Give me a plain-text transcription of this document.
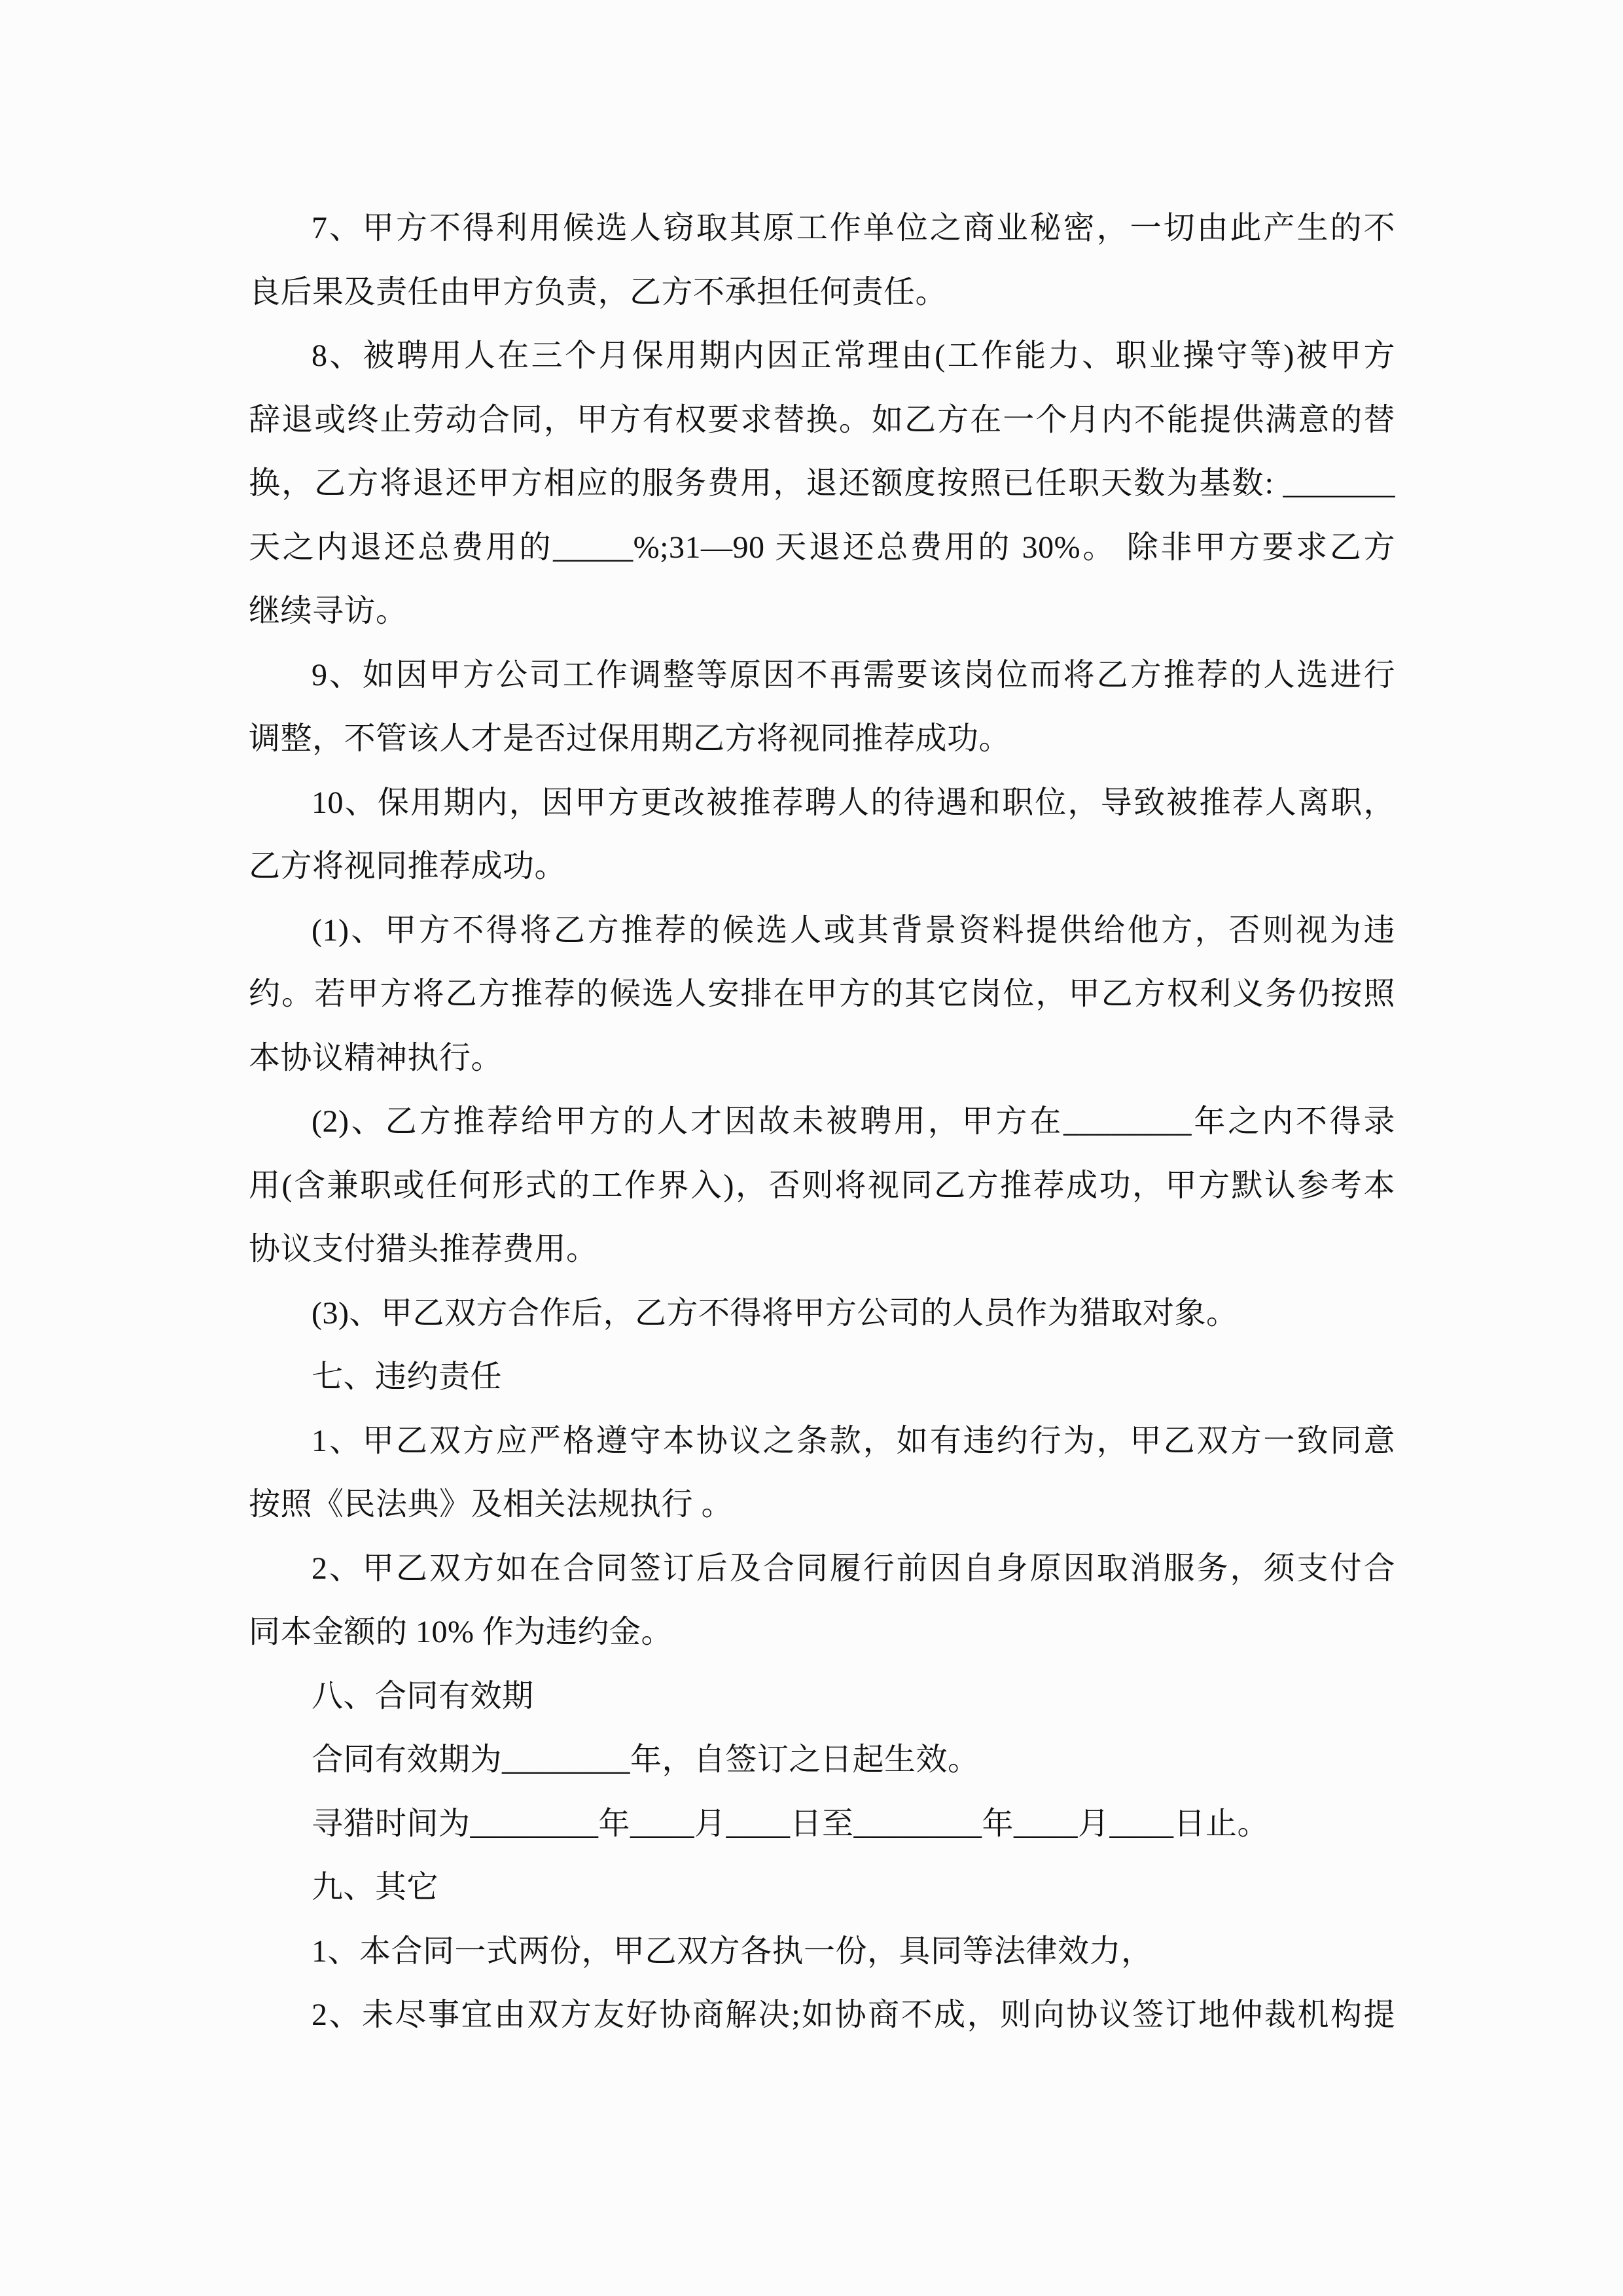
7、甲方不得利用候选人窃取其原工作单位之商业秘密，一切由此产生的不
良后果及责任由甲方负责，乙方不承担任何责任。
8、被聘用人在三个月保用期内因正常理由(工作能力、职业操守等)被甲方
辞退或终止劳动合同，甲方有权要求替换。如乙方在一个月内不能提供满意的替
换，乙方将退还甲方相应的服务费用，退还额度按照已任职天数为基数: _______
天之内退还总费用的_____%;31—90 天退还总费用的 30%。 除非甲方要求乙方
继续寻访。
9、如因甲方公司工作调整等原因不再需要该岗位而将乙方推荐的人选进行
调整，不管该人才是否过保用期乙方将视同推荐成功。
10、保用期内，因甲方更改被推荐聘人的待遇和职位，导致被推荐人离职，
乙方将视同推荐成功。
(1)、甲方不得将乙方推荐的候选人或其背景资料提供给他方，否则视为违
约。若甲方将乙方推荐的候选人安排在甲方的其它岗位，甲乙方权利义务仍按照
本协议精神执行。
(2)、乙方推荐给甲方的人才因故未被聘用，甲方在________年之内不得录
用(含兼职或任何形式的工作界入)，否则将视同乙方推荐成功，甲方默认参考本
协议支付猎头推荐费用。
(3)、甲乙双方合作后，乙方不得将甲方公司的人员作为猎取对象。
七、违约责任
1、甲乙双方应严格遵守本协议之条款，如有违约行为，甲乙双方一致同意
按照《民法典》及相关法规执行 。
2、甲乙双方如在合同签订后及合同履行前因自身原因取消服务，须支付合
同本金额的 10% 作为违约金。
八、合同有效期
合同有效期为________年，自签订之日起生效。
寻猎时间为________年____月____日至________年____月____日止。
九、其它
1、本合同一式两份，甲乙双方各执一份，具同等法律效力，
2、未尽事宜由双方友好协商解决;如协商不成，则向协议签订地仲裁机构提
